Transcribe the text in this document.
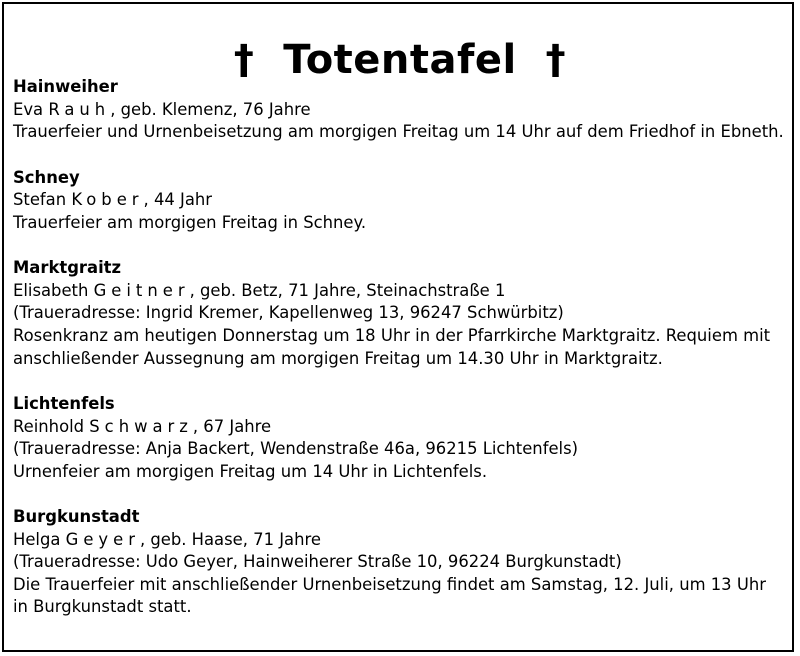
†  Totentafel  †
Hainweiher
Eva Rauh, geb. Klemenz, 76 Jahre
Trauerfeier und Urnenbeisetzung am morgigen Freitag um 14 Uhr auf dem Friedhof in Ebneth.
Schney
Stefan Kober, 44 Jahr
Trauerfeier am morgigen Freitag in Schney.
Marktgraitz
Elisabeth Geitner, geb. Betz, 71 Jahre, Steinachstraße 1
(Traueradresse: Ingrid Kremer, Kapellenweg 13, 96247 Schwürbitz)
Rosenkranz am heutigen Donnerstag um 18 Uhr in der Pfarrkirche Marktgraitz. Requiem mit anschließender Aussegnung am morgigen Freitag um 14.30 Uhr in Marktgraitz.
Lichtenfels
Reinhold Schwarz, 67 Jahre
(Traueradresse: Anja Backert, Wendenstraße 46a, 96215 Lichtenfels)
Urnenfeier am morgigen Freitag um 14 Uhr in Lichtenfels.
Burgkunstadt
Helga Geyer, geb. Haase, 71 Jahre
(Traueradresse: Udo Geyer, Hainweiherer Straße 10, 96224 Burgkunstadt)
Die Trauerfeier mit anschließender Urnenbeisetzung findet am Samstag, 12. Juli, um 13 Uhr in Burgkunstadt statt.
